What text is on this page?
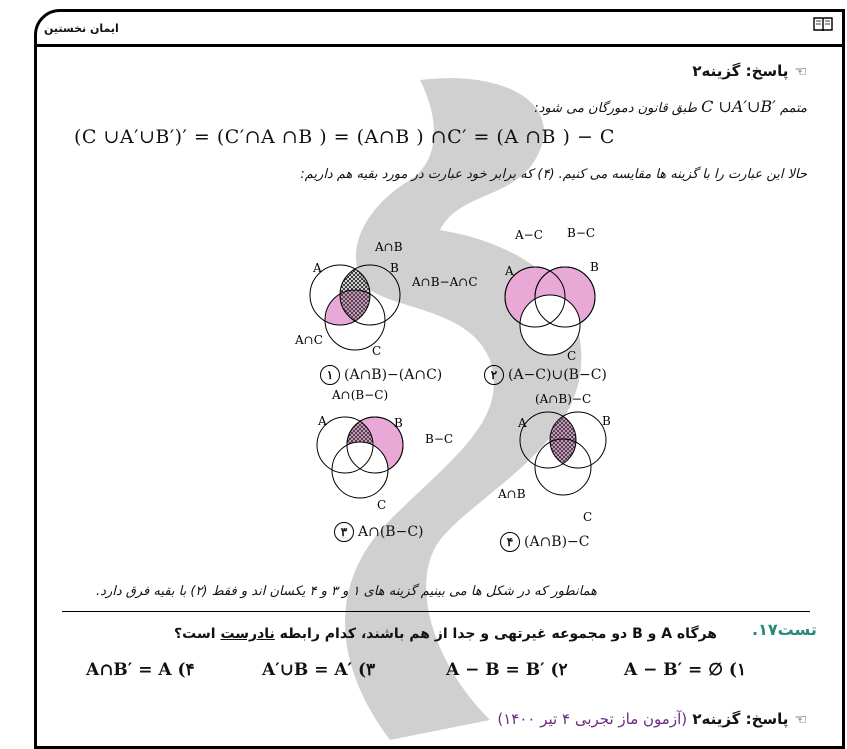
ایمان نخستین
☜پاسخ: گزینه۲
متمم C ∪A′∪B′ طبق قانون دمورگان می شود:
(C ∪A′∪B′)′ = (C′∩A ∩B ) = (A∩B ) ∩C′ = (A ∩B ) − C
حالا این عبارت را با گزینه ها مقایسه می کنیم. (۴) که برابر خود عبارت در مورد بقیه هم داریم:
A∩B
A	B
A∩B−A∩C
A∩C
C
A−C B−C
A	B
C
A∩(B−C)
A	B
B−C
C
(A∩B)−C
A	B
A∩B
C
۱ (A∩B)−(A∩C)	۲ (A−C)∪(B−C)
۳ A∩(B−C)
۴ (A∩B)−C
همانطور که در شکل ها می بینیم گزینه های ۱ و ۳ و ۴ یکسان اند و فقط (۲) با بقیه فرق دارد.
تست۱۷.
هرگاه A و B دو مجموعه غیرتهی و جدا از هم باشند، کدام رابطه نادرست است؟
A∩B′ = A (۴	A′∪B = A′ (۳	A − B = B′ (۲	A − B′ = ∅ (۱
☜پاسخ: گزینه۲ (آزمون ماز تجربی ۴ تیر ۱۴۰۰)
